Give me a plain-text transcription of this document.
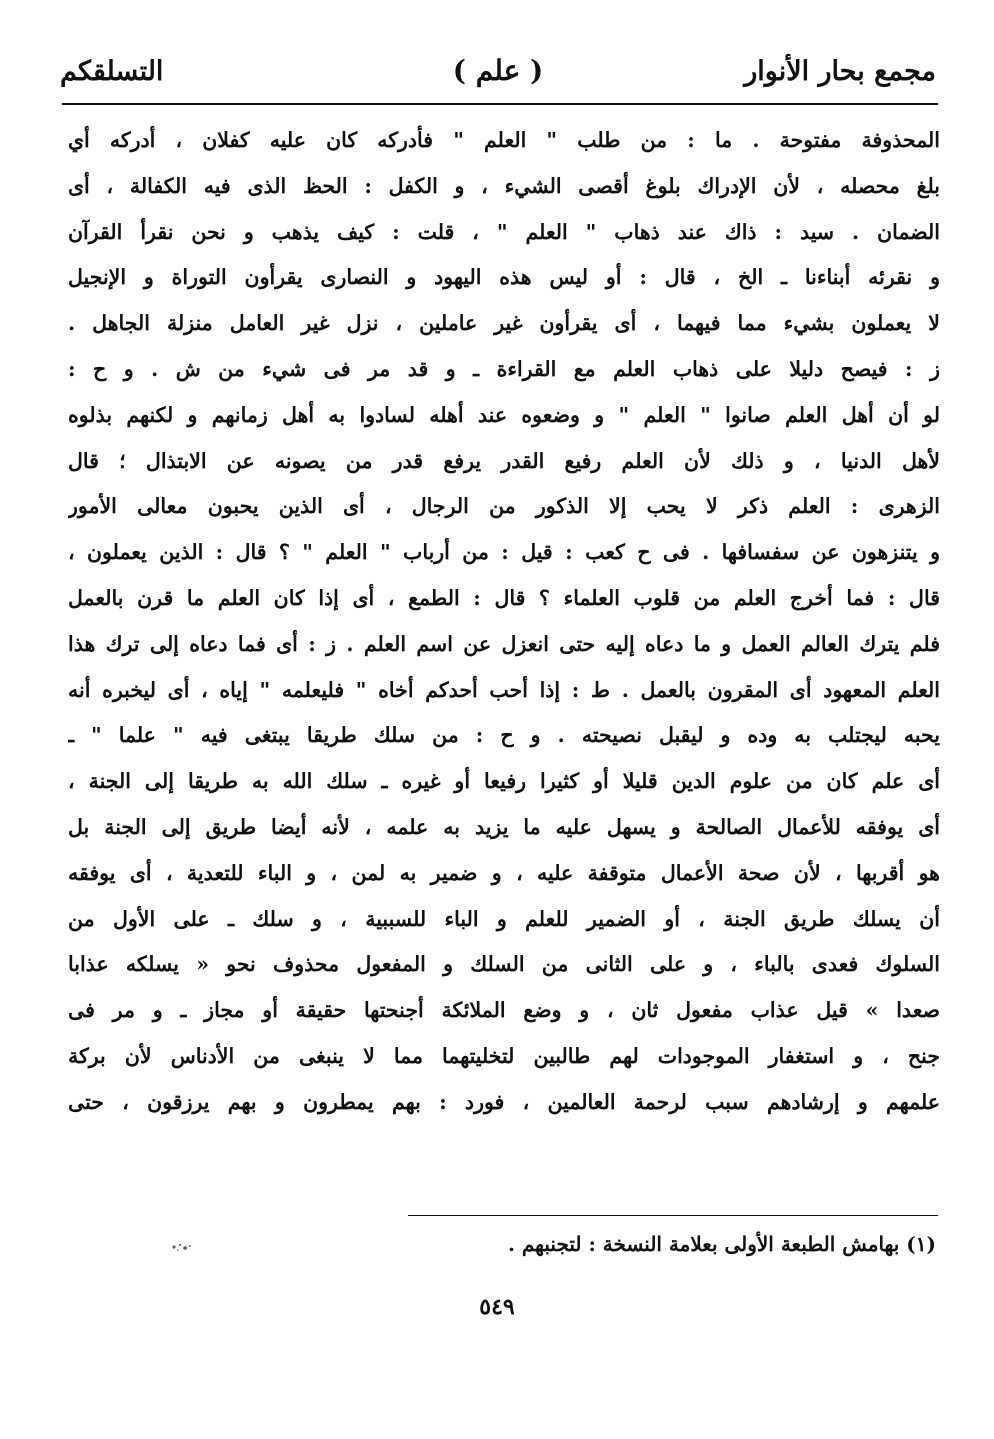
مجمع بحار الأنوار
( علم )
التسلقكم
المحذوفة مفتوحة . ما : من طلب " العلم " فأدركه كان عليه كفلان ، أدركه أي
بلغ محصله ، لأن الإدراك بلوغ أقصى الشيء ، و الكفل : الحظ الذى فيه الكفالة ، أى
الضمان . سيد : ذاك عند ذهاب " العلم " ، قلت : كيف يذهب و نحن نقرأ القرآن
و نقرئه أبناءنا ـ الخ ، قال : أو ليس هذه اليهود و النصارى يقرأون التوراة و الإنجيل
لا يعملون بشيء مما فيهما ، أى يقرأون غير عاملين ، نزل غير العامل منزلة الجاهل .
ز : فيصح دليلا على ذهاب العلم مع القراءة ـ و قد مر فى شيء من ش . و ح :
لو أن أهل العلم صانوا " العلم " و وضعوه عند أهله لسادوا به أهل زمانهم و لكنهم بذلوه
لأهل الدنيا ، و ذلك لأن العلم رفيع القدر يرفع قدر من يصونه عن الابتذال ؛ قال
الزهرى : العلم ذكر لا يحب إلا الذكور من الرجال ، أى الذين يحبون معالى الأمور
و يتنزهون عن سفسافها . فى ح كعب : قيل : من أرباب " العلم " ؟ قال : الذين يعملون ،
قال : فما أخرج العلم من قلوب العلماء ؟ قال : الطمع ، أى إذا كان العلم ما قرن بالعمل
فلم يترك العالم العمل و ما دعاه إليه حتى انعزل عن اسم العلم . ز : أى فما دعاه إلى ترك هذا
العلم المعهود أى المقرون بالعمل . ط : إذا أحب أحدكم أخاه " فليعلمه " إياه ، أى ليخبره أنه
يحبه ليجتلب به وده و ليقبل نصيحته . و ح : من سلك طريقا يبتغى فيه " علما " ـ
أى علم كان من علوم الدين قليلا أو كثيرا رفيعا أو غيره ـ سلك الله به طريقا إلى الجنة ،
أى يوفقه للأعمال الصالحة و يسهل عليه ما يزيد به علمه ، لأنه أيضا طريق إلى الجنة بل
هو أقربها ، لأن صحة الأعمال متوقفة عليه ، و ضمير به لمن ، و الباء للتعدية ، أى يوفقه
أن يسلك طريق الجنة ، أو الضمير للعلم و الباء للسببية ، و سلك ـ على الأول من
السلوك فعدى بالباء ، و على الثانى من السلك و المفعول محذوف نحو « يسلكه عذابا
صعدا » قيل عذاب مفعول ثان ، و وضع الملائكة أجنحتها حقيقة أو مجاز ـ و مر فى
جنح ، و استغفار الموجودات لهم طالبين لتخليتهما مما لا ينبغى من الأدناس لأن بركة
علمهم و إرشادهم سبب لرحمة العالمين ، فورد : بهم يمطرون و بهم يرزقون ، حتى
(١) بهامش الطبعة الأولى بعلامة النسخة : لتجنبهم .
٥٤٩
